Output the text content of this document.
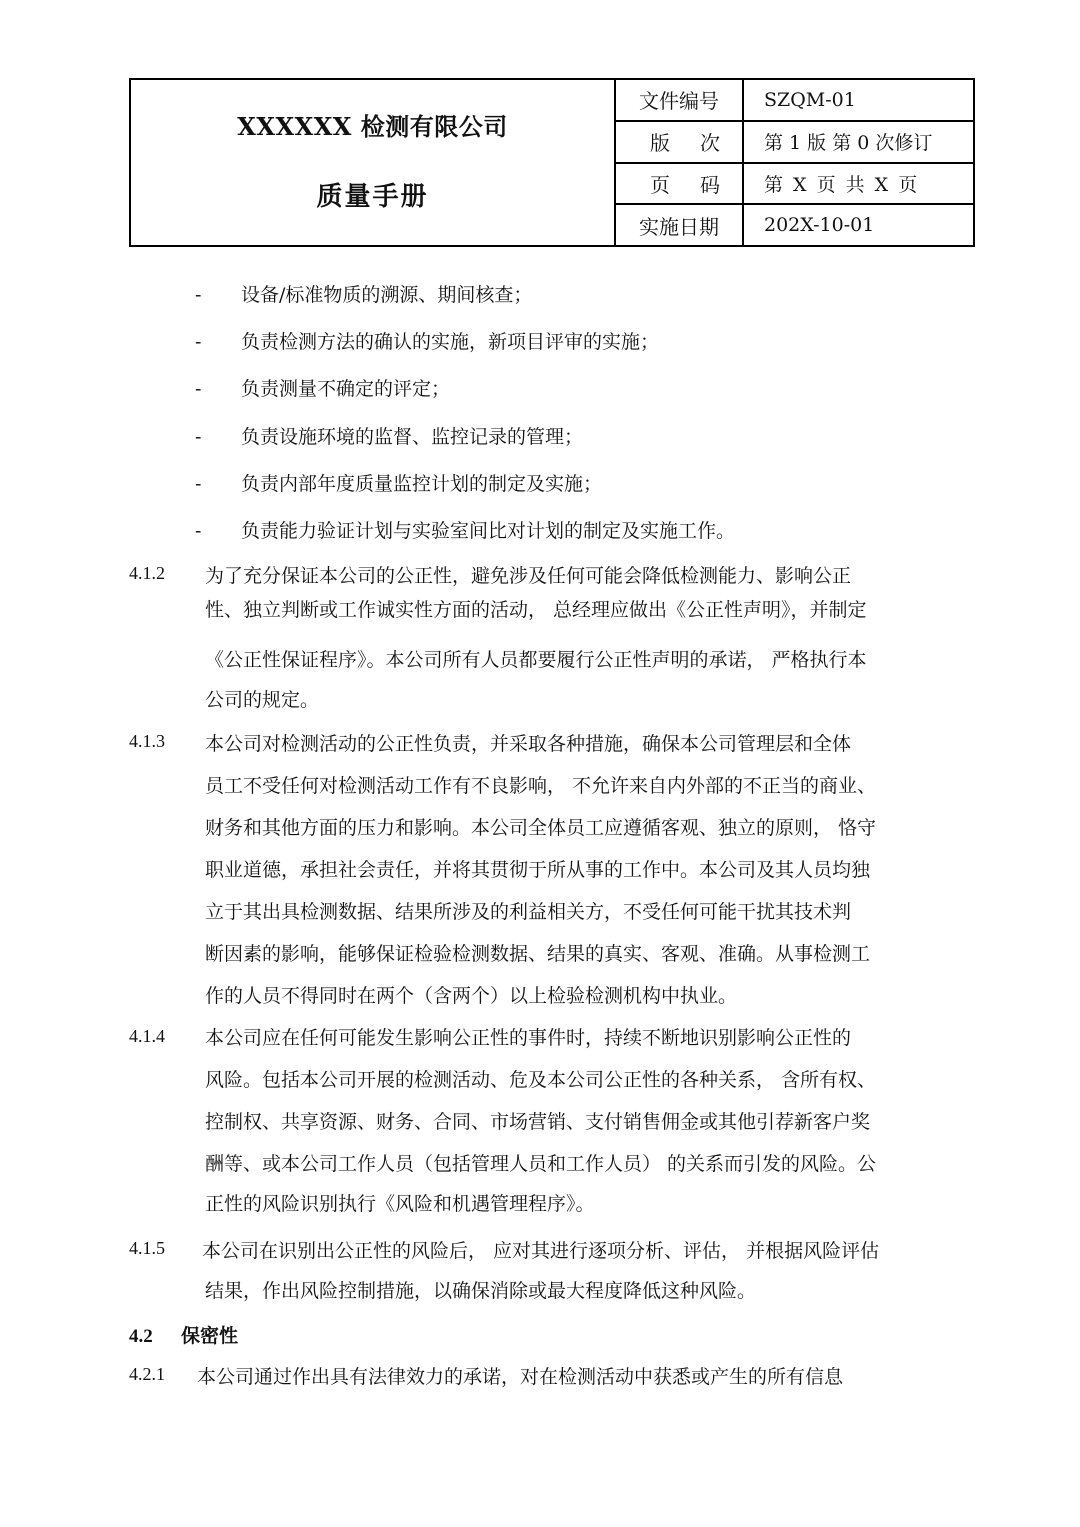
XXXXXX 检测有限公司
质量手册
文件编号	SZQM-01
版 次	第 1 版 第 0 次修订
页 码	第 X 页 共 X 页
实施日期	202X-10-01
- 设备/标准物质的溯源、期间核查；
- 负责检测方法的确认的实施，新项目评审的实施；
- 负责测量不确定的评定；
- 负责设施环境的监督、监控记录的管理；
- 负责内部年度质量监控计划的制定及实施；
- 负责能力验证计划与实验室间比对计划的制定及实施工作。
4.1.2 为了充分保证本公司的公正性，避免涉及任何可能会降低检测能力、影响公正
性、独立判断或工作诚实性方面的活动， 总经理应做出《公正性声明》，并制定
《公正性保证程序》。本公司所有人员都要履行公正性声明的承诺， 严格执行本
公司的规定。
4.1.3 本公司对检测活动的公正性负责，并采取各种措施，确保本公司管理层和全体
员工不受任何对检测活动工作有不良影响， 不允许来自内外部的不正当的商业、
财务和其他方面的压力和影响。本公司全体员工应遵循客观、独立的原则， 恪守
职业道德，承担社会责任，并将其贯彻于所从事的工作中。本公司及其人员均独
立于其出具检测数据、结果所涉及的利益相关方，不受任何可能干扰其技术判
断因素的影响，能够保证检验检测数据、结果的真实、客观、准确。从事检测工
作的人员不得同时在两个（含两个）以上检验检测机构中执业。
4.1.4 本公司应在任何可能发生影响公正性的事件时，持续不断地识别影响公正性的
风险。包括本公司开展的检测活动、危及本公司公正性的各种关系， 含所有权、
控制权、共享资源、财务、合同、市场营销、支付销售佣金或其他引荐新客户奖
酬等、或本公司工作人员（包括管理人员和工作人员） 的关系而引发的风险。公
正性的风险识别执行《风险和机遇管理程序》。
4.1.5 本公司在识别出公正性的风险后， 应对其进行逐项分析、评估， 并根据风险评估
结果，作出风险控制措施，以确保消除或最大程度降低这种风险。
4.2 保密性
4.2.1 本公司通过作出具有法律效力的承诺，对在检测活动中获悉或产生的所有信息
